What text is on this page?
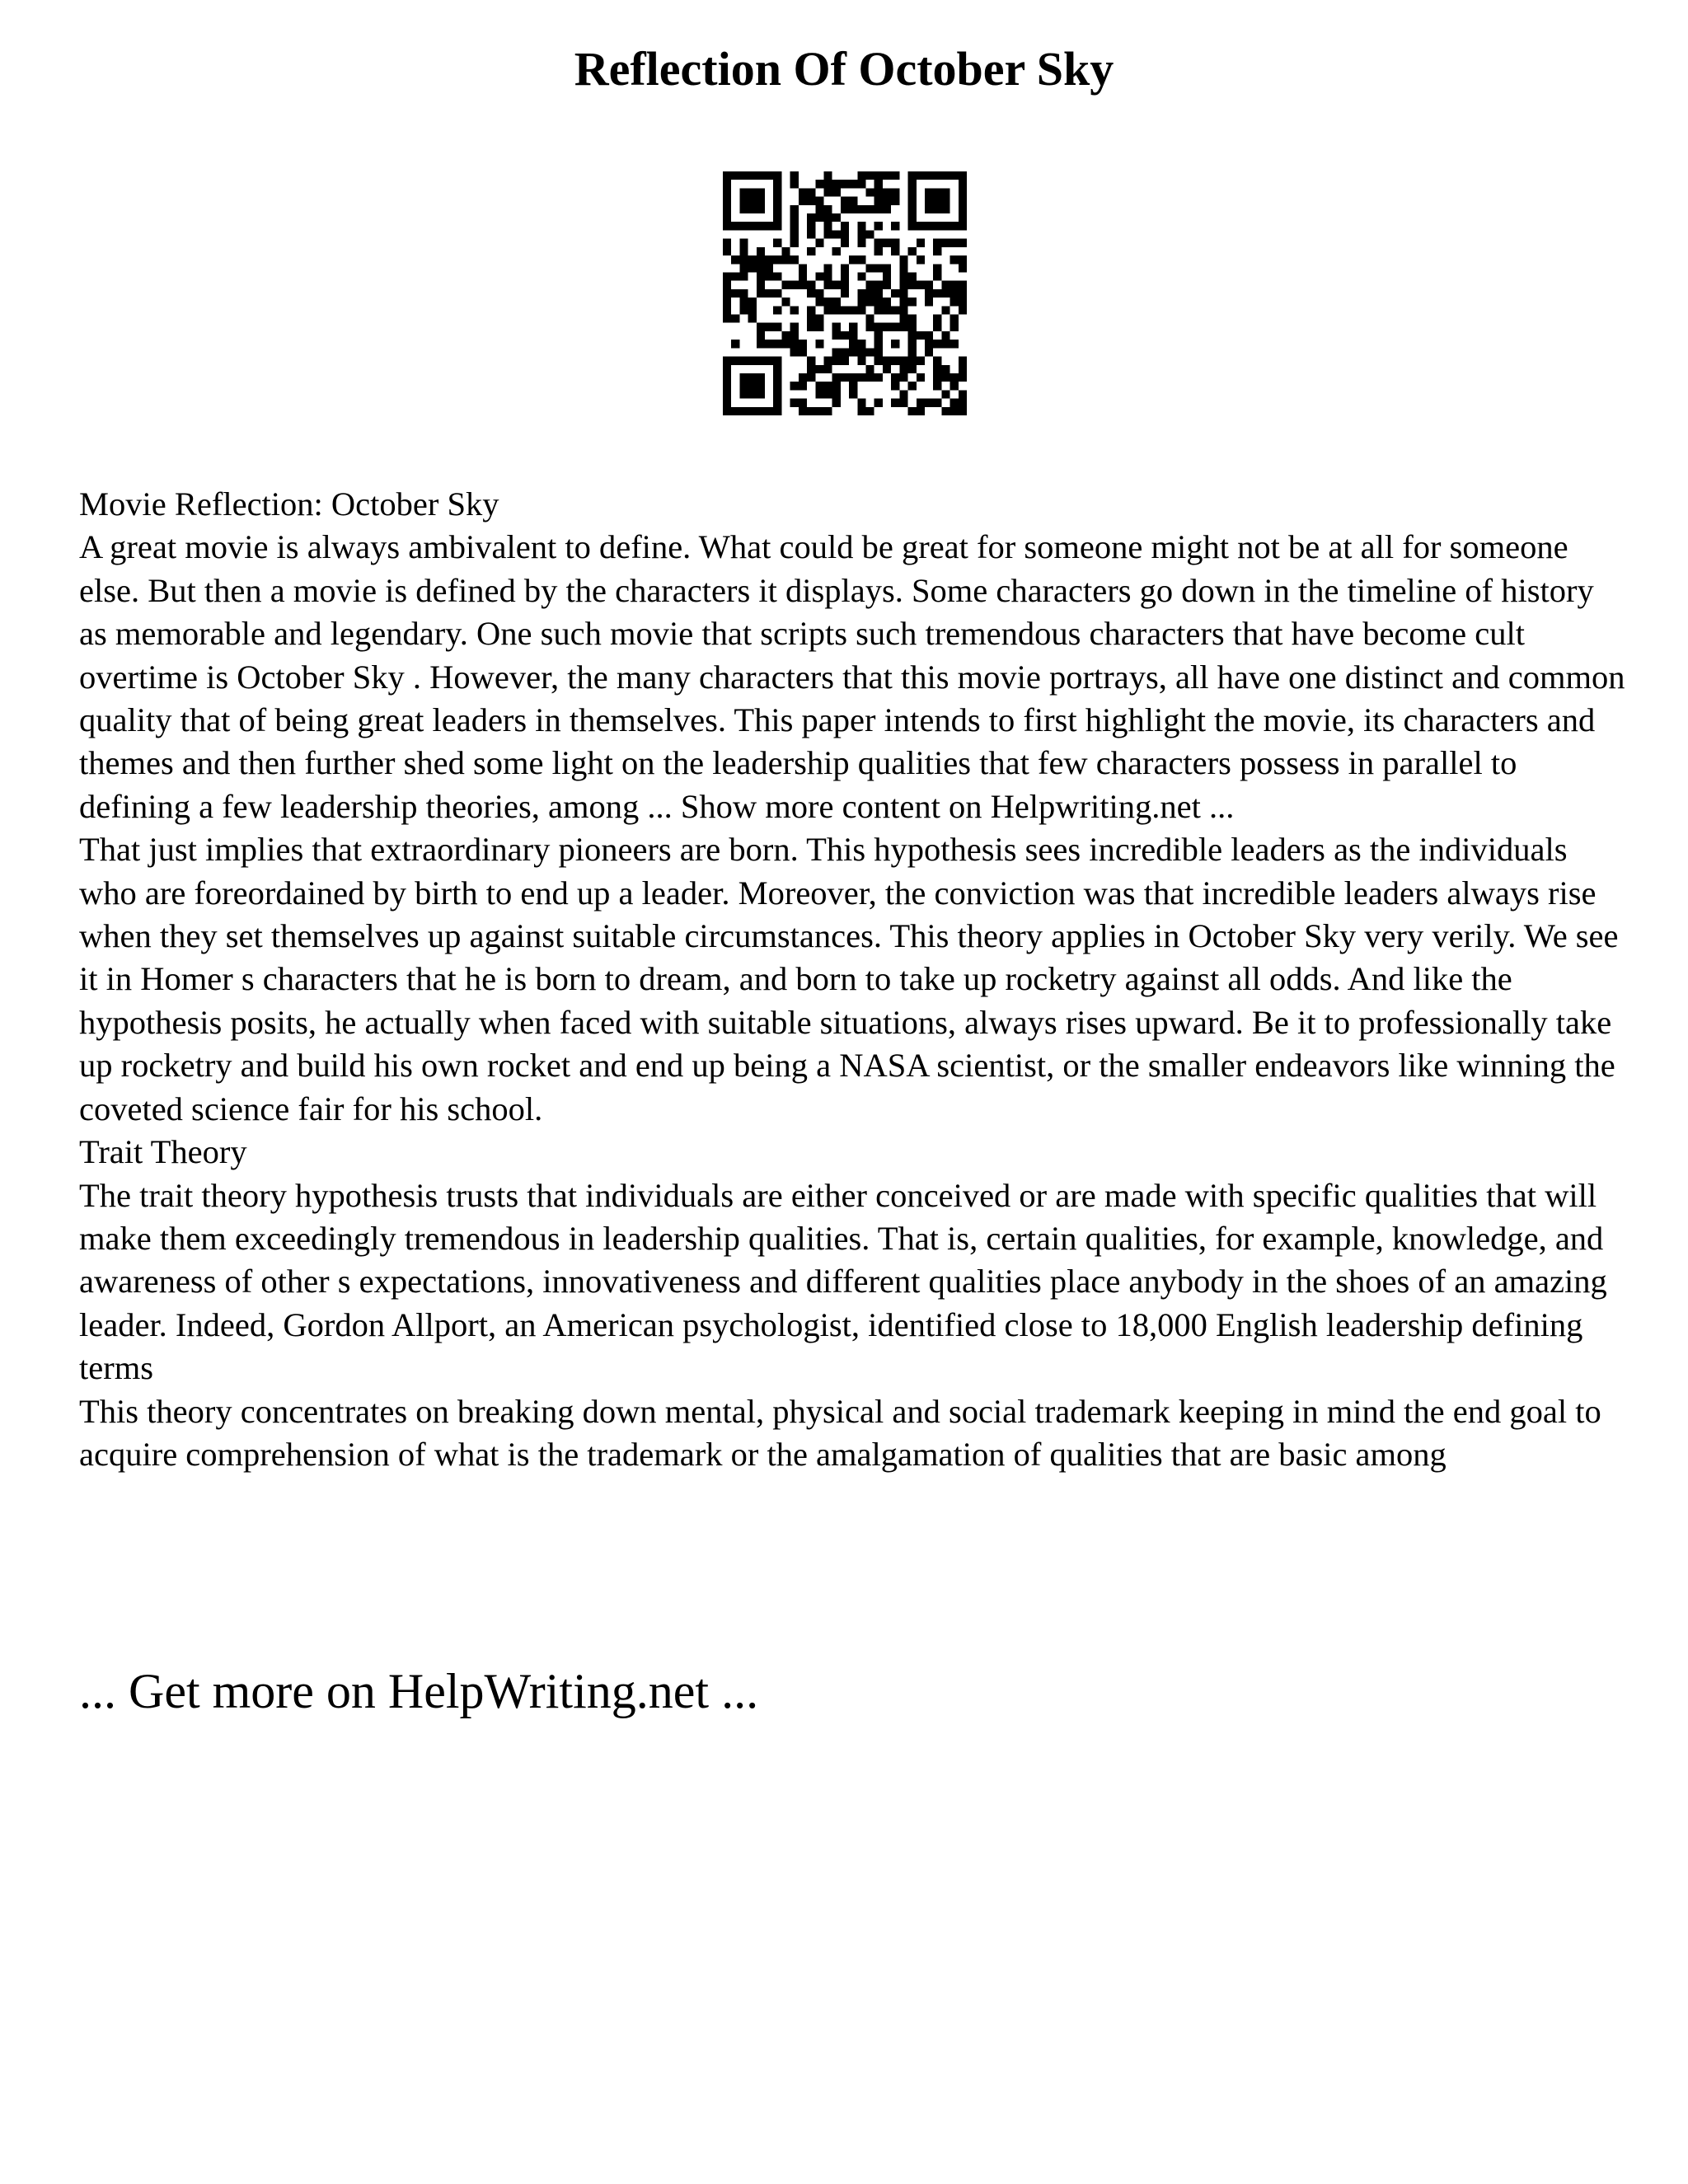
Reflection Of October Sky

Movie Reflection: October Sky

A great movie is always ambivalent to define. What could be great for someone might not be at all for someone else. But then a movie is defined by the characters it displays. Some characters go down in the timeline of history as memorable and legendary. One such movie that scripts such tremendous characters that have become cult overtime is October Sky . However, the many characters that this movie portrays, all have one distinct and common quality that of being great leaders in themselves. This paper intends to first highlight the movie, its characters and themes and then further shed some light on the leadership qualities that few characters possess in parallel to defining a few leadership theories, among ... Show more content on Helpwriting.net ...

That just implies that extraordinary pioneers are born. This hypothesis sees incredible leaders as the individuals who are foreordained by birth to end up a leader. Moreover, the conviction was that incredible leaders always rise when they set themselves up against suitable circumstances. This theory applies in October Sky very verily. We see it in Homer s characters that he is born to dream, and born to take up rocketry against all odds. And like the hypothesis posits, he actually when faced with suitable situations, always rises upward. Be it to professionally take up rocketry and build his own rocket and end up being a NASA scientist, or the smaller endeavors like winning the coveted science fair for his school.

Trait Theory

The trait theory hypothesis trusts that individuals are either conceived or are made with specific qualities that will make them exceedingly tremendous in leadership qualities. That is, certain qualities, for example, knowledge, and awareness of other s expectations, innovativeness and different qualities place anybody in the shoes of an amazing leader. Indeed, Gordon Allport, an American psychologist, identified close to 18,000 English leadership defining terms

This theory concentrates on breaking down mental, physical and social trademark keeping in mind the end goal to acquire comprehension of what is the trademark or the amalgamation of qualities that are basic among

... Get more on HelpWriting.net ...
